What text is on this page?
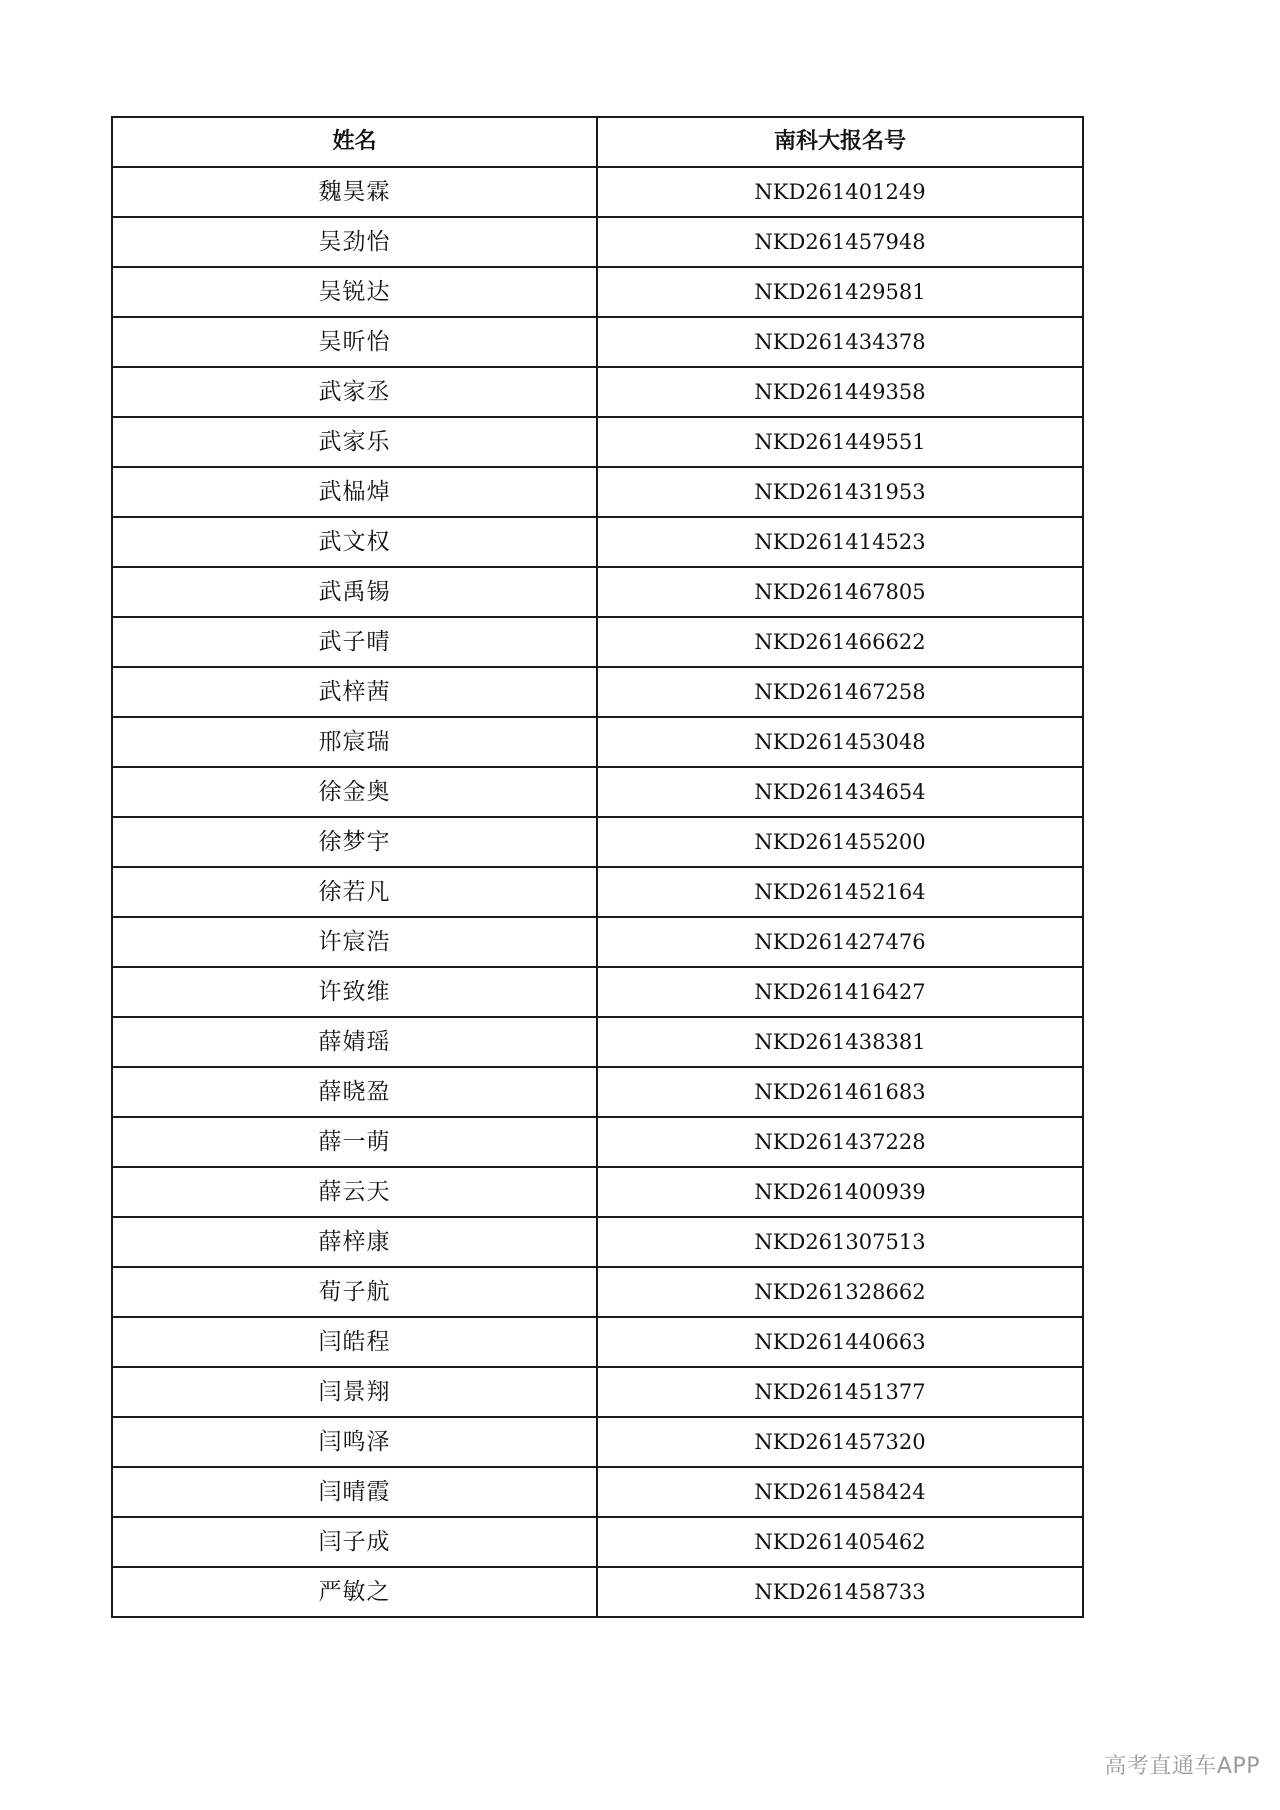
姓名	南科大报名号
魏昊霖	NKD261401249
吴劲怡	NKD261457948
吴锐达	NKD261429581
吴昕怡	NKD261434378
武家丞	NKD261449358
武家乐	NKD261449551
武榀焯	NKD261431953
武文权	NKD261414523
武禹锡	NKD261467805
武子晴	NKD261466622
武梓茜	NKD261467258
邢宸瑞	NKD261453048
徐金奥	NKD261434654
徐梦宇	NKD261455200
徐若凡	NKD261452164
许宸浩	NKD261427476
许致维	NKD261416427
薛婧瑶	NKD261438381
薛晓盈	NKD261461683
薛一萌	NKD261437228
薛云天	NKD261400939
薛梓康	NKD261307513
荀子航	NKD261328662
闫皓程	NKD261440663
闫景翔	NKD261451377
闫鸣泽	NKD261457320
闫晴霞	NKD261458424
闫子成	NKD261405462
严敏之	NKD261458733
高考直通车APP
